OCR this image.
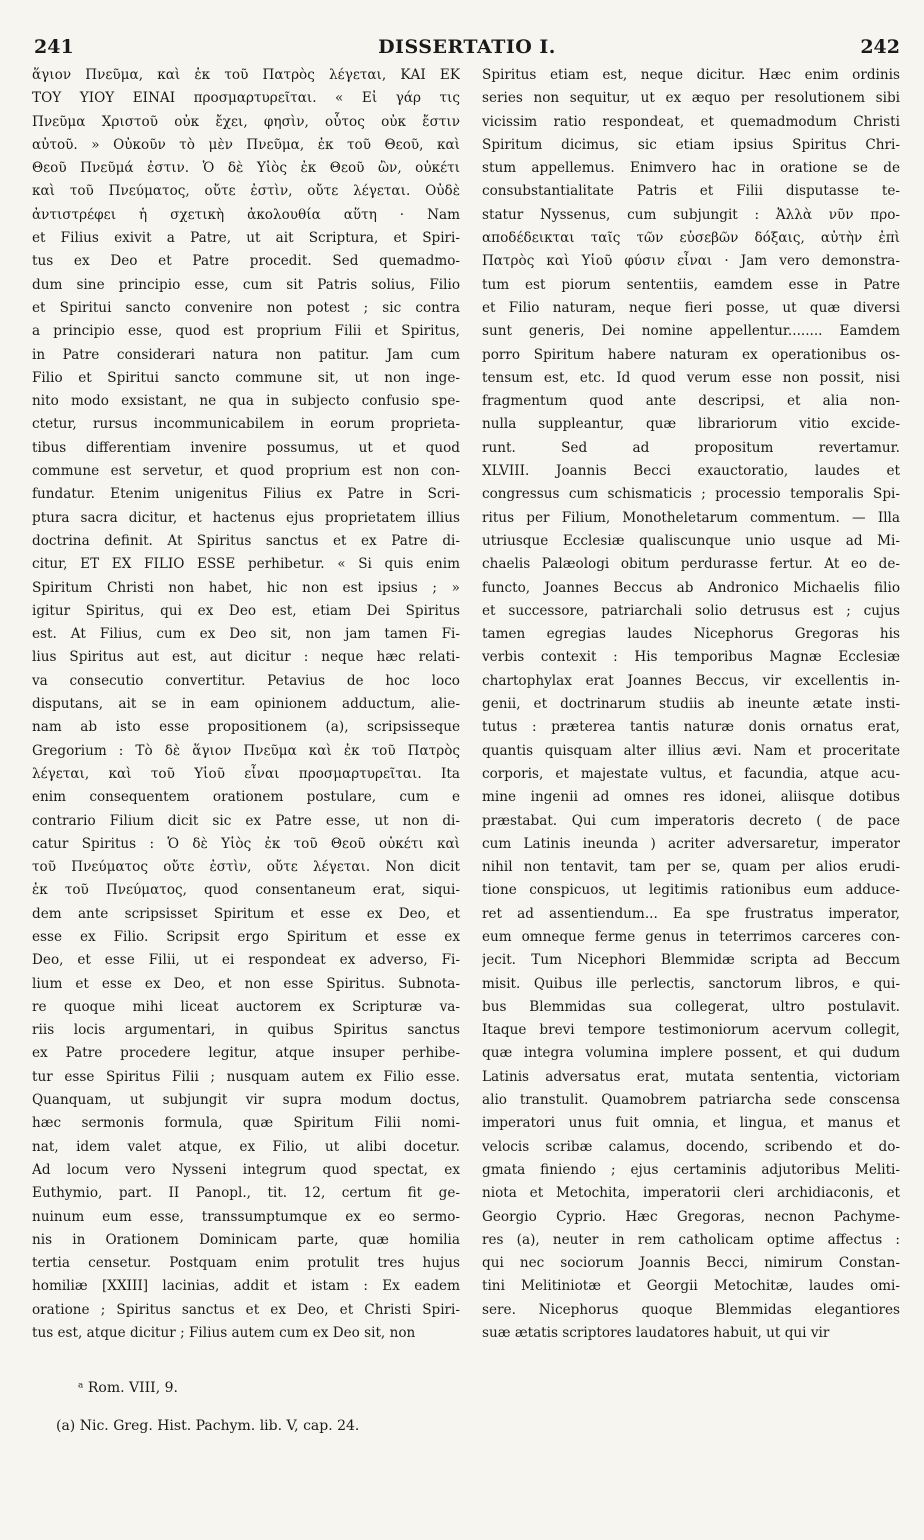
241	DISSERTATIO I.	242
ἅγιον Πνεῦμα, καὶ ἐκ τοῦ Πατρὸς λέγεται, ΚΑΙ ΕΚ
ΤΟΥ ΥΙΟΥ ΕΙΝΑΙ προσμαρτυρεῖται. « Εἰ γάρ τις
Πνεῦμα Χριστοῦ οὐκ ἔχει, φησὶν, οὗτος οὐκ ἔστιν
αὐτοῦ. » Οὐκοῦν τὸ μὲν Πνεῦμα, ἐκ τοῦ Θεοῦ, καὶ
Θεοῦ Πνεῦμά ἐστιν. Ὁ δὲ Υἱὸς ἐκ Θεοῦ ὢν, οὐκέτι
καὶ τοῦ Πνεύματος, οὔτε ἐστὶν, οὔτε λέγεται. Οὐδὲ
ἀντιστρέφει ἡ σχετικὴ ἀκολουθία αὕτη · Nam
et Filius exivit a Patre, ut ait Scriptura, et Spiri-
tus ex Deo et Patre procedit. Sed quemadmo-
dum sine principio esse, cum sit Patris solius, Filio
et Spiritui sancto convenire non potest ; sic contra
a principio esse, quod est proprium Filii et Spiritus,
in Patre considerari natura non patitur. Jam cum
Filio et Spiritui sancto commune sit, ut non inge-
nito modo exsistant, ne qua in subjecto confusio spe-
ctetur, rursus incommunicabilem in eorum proprieta-
tibus differentiam invenire possumus, ut et quod
commune est servetur, et quod proprium est non con-
fundatur. Etenim unigenitus Filius ex Patre in Scri-
ptura sacra dicitur, et hactenus ejus proprietatem illius
doctrina definit. At Spiritus sanctus et ex Patre di-
citur, ET EX FILIO ESSE perhibetur. « Si quis enim
Spiritum Christi non habet, hic non est ipsius ; »
igitur Spiritus, qui ex Deo est, etiam Dei Spiritus
est. At Filius, cum ex Deo sit, non jam tamen Fi-
lius Spiritus aut est, aut dicitur : neque hæc relati-
va consecutio convertitur. Petavius de hoc loco
disputans, ait se in eam opinionem adductum, alie-
nam ab isto esse propositionem (a), scripsisseque
Gregorium : Τὸ δὲ ἅγιον Πνεῦμα καὶ ἐκ τοῦ Πατρὸς
λέγεται, καὶ τοῦ Υἱοῦ εἶναι προσμαρτυρεῖται. Ita
enim consequentem orationem postulare, cum e
contrario Filium dicit sic ex Patre esse, ut non di-
catur Spiritus : Ὁ δὲ Υἱὸς ἐκ τοῦ Θεοῦ οὐκέτι καὶ
τοῦ Πνεύματος οὔτε ἐστὶν, οὔτε λέγεται. Non dicit
ἐκ τοῦ Πνεύματος, quod consentaneum erat, siqui-
dem ante scripsisset Spiritum et esse ex Deo, et
esse ex Filio. Scripsit ergo Spiritum et esse ex
Deo, et esse Filii, ut ei respondeat ex adverso, Fi-
lium et esse ex Deo, et non esse Spiritus. Subnota-
re quoque mihi liceat auctorem ex Scripturæ va-
riis locis argumentari, in quibus Spiritus sanctus
ex Patre procedere legitur, atque insuper perhibe-
tur esse Spiritus Filii ; nusquam autem ex Filio esse.
Quanquam, ut subjungit vir supra modum doctus,
hæc sermonis formula, quæ Spiritum Filii nomi-
nat, idem valet atque, ex Filio, ut alibi docetur.
Ad locum vero Nysseni integrum quod spectat, ex
Euthymio, part. II Panopl., tit. 12, certum fit ge-
nuinum eum esse, transsumptumque ex eo sermo-
nis in Orationem Dominicam parte, quæ homilia
tertia censetur. Postquam enim protulit tres hujus
homiliæ [XXIII] lacinias, addit et istam : Ex eadem
oratione ; Spiritus sanctus et ex Deo, et Christi Spiri-
tus est, atque dicitur ; Filius autem cum ex Deo sit, non
Spiritus etiam est, neque dicitur. Hæc enim ordinis
series non sequitur, ut ex æquo per resolutionem sibi
vicissim ratio respondeat, et quemadmodum Christi
Spiritum dicimus, sic etiam ipsius Spiritus Chri-
stum appellemus. Enimvero hac in oratione se de
consubstantialitate Patris et Filii disputasse te-
statur Nyssenus, cum subjungit : Ἀλλὰ νῦν προ-
αποδέδεικται ταῖς τῶν εὐσεβῶν δόξαις, αὐτὴν ἐπὶ
Πατρὸς καὶ Υἱοῦ φύσιν εἶναι · Jam vero demonstra-
tum est piorum sententiis, eamdem esse in Patre
et Filio naturam, neque fieri posse, ut quæ diversi
sunt generis, Dei nomine appellentur........ Eamdem
porro Spiritum habere naturam ex operationibus os-
tensum est, etc. Id quod verum esse non possit, nisi
fragmentum quod ante descripsi, et alia non-
nulla suppleantur, quæ librariorum vitio excide-
runt. Sed ad propositum revertamur.
XLVIII. Joannis Becci exauctoratio, laudes et
congressus cum schismaticis ; processio temporalis Spi-
ritus per Filium, Monotheletarum commentum. — Illa
utriusque Ecclesiæ qualiscunque unio usque ad Mi-
chaelis Palæologi obitum perdurasse fertur. At eo de-
functo, Joannes Beccus ab Andronico Michaelis filio
et successore, patriarchali solio detrusus est ; cujus
tamen egregias laudes Nicephorus Gregoras his
verbis contexit : His temporibus Magnæ Ecclesiæ
chartophylax erat Joannes Beccus, vir excellentis in-
genii, et doctrinarum studiis ab ineunte ætate insti-
tutus : præterea tantis naturæ donis ornatus erat,
quantis quisquam alter illius ævi. Nam et proceritate
corporis, et majestate vultus, et facundia, atque acu-
mine ingenii ad omnes res idonei, aliisque dotibus
præstabat. Qui cum imperatoris decreto ( de pace
cum Latinis ineunda ) acriter adversaretur, imperator
nihil non tentavit, tam per se, quam per alios erudi-
tione conspicuos, ut legitimis rationibus eum adduce-
ret ad assentiendum... Ea spe frustratus imperator,
eum omneque ferme genus in teterrimos carceres con-
jecit. Tum Nicephori Blemmidæ scripta ad Beccum
misit. Quibus ille perlectis, sanctorum libros, e qui-
bus Blemmidas sua collegerat, ultro postulavit.
Itaque brevi tempore testimoniorum acervum collegit,
quæ integra volumina implere possent, et qui dudum
Latinis adversatus erat, mutata sententia, victoriam
alio transtulit. Quamobrem patriarcha sede conscensa
imperatori unus fuit omnia, et lingua, et manus et
velocis scribæ calamus, docendo, scribendo et do-
gmata finiendo ; ejus certaminis adjutoribus Meliti-
niota et Metochita, imperatorii cleri archidiaconis, et
Georgio Cyprio. Hæc Gregoras, necnon Pachyme-
res (a), neuter in rem catholicam optime affectus :
qui nec sociorum Joannis Becci, nimirum Constan-
tini Melitiniotæ et Georgii Metochitæ, laudes omi-
sere. Nicephorus quoque Blemmidas elegantiores
suæ ætatis scriptores laudatores habuit, ut qui vir
ᵃ Rom. VIII, 9.
(a) Nic. Greg. Hist. Pachym. lib. V, cap. 24.
